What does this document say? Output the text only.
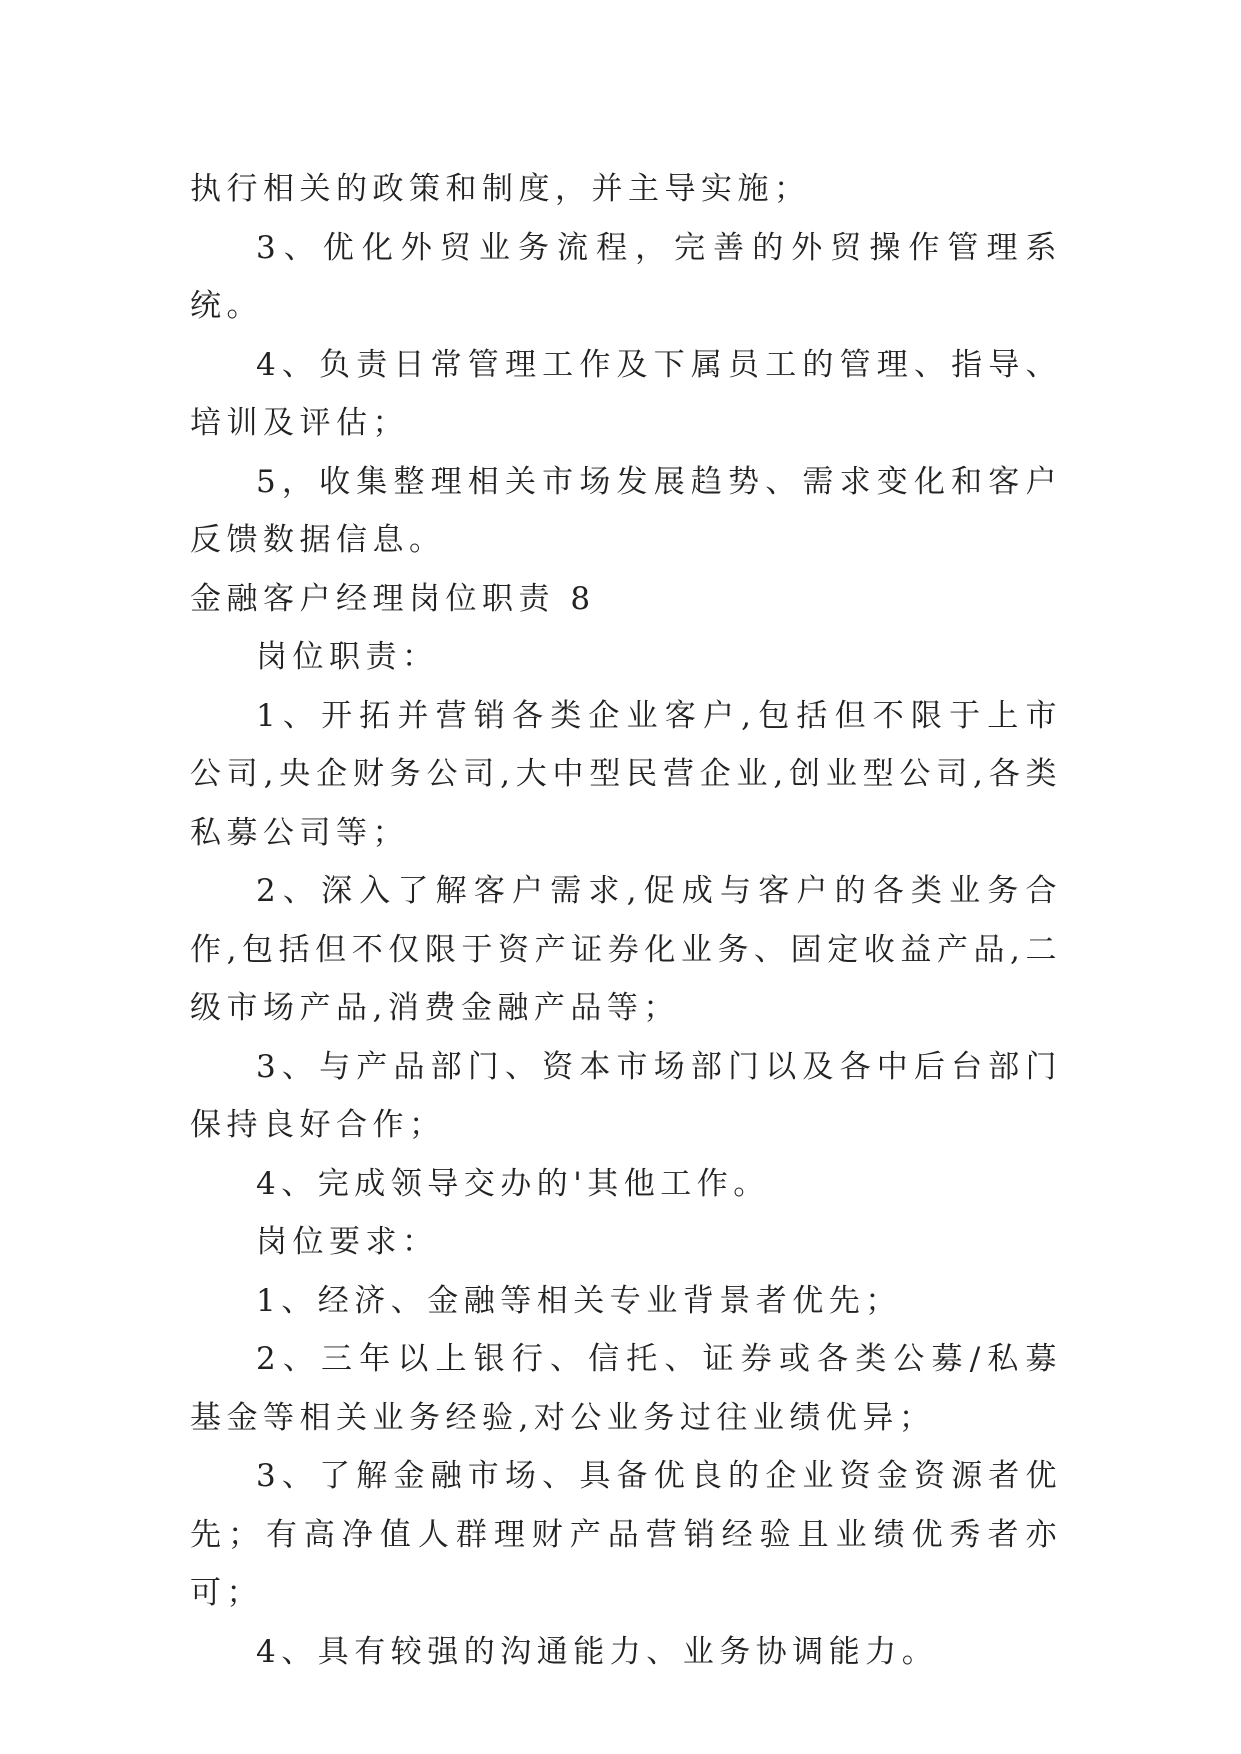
执行相关的政策和制度，并主导实施；

3、优化外贸业务流程，完善的外贸操作管理系统。

4、负责日常管理工作及下属员工的管理、指导、培训及评估；

5，收集整理相关市场发展趋势、需求变化和客户反馈数据信息。

金融客户经理岗位职责 8

岗位职责：

1、开拓并营销各类企业客户,包括但不限于上市公司,央企财务公司,大中型民营企业,创业型公司,各类私募公司等；

2、深入了解客户需求,促成与客户的各类业务合作,包括但不仅限于资产证券化业务、固定收益产品,二级市场产品,消费金融产品等；

3、与产品部门、资本市场部门以及各中后台部门保持良好合作；

4、完成领导交办的'其他工作。

岗位要求：

1、经济、金融等相关专业背景者优先；

2、三年以上银行、信托、证券或各类公募/私募基金等相关业务经验,对公业务过往业绩优异；

3、了解金融市场、具备优良的企业资金资源者优先；有高净值人群理财产品营销经验且业绩优秀者亦可；

4、具有较强的沟通能力、业务协调能力。
